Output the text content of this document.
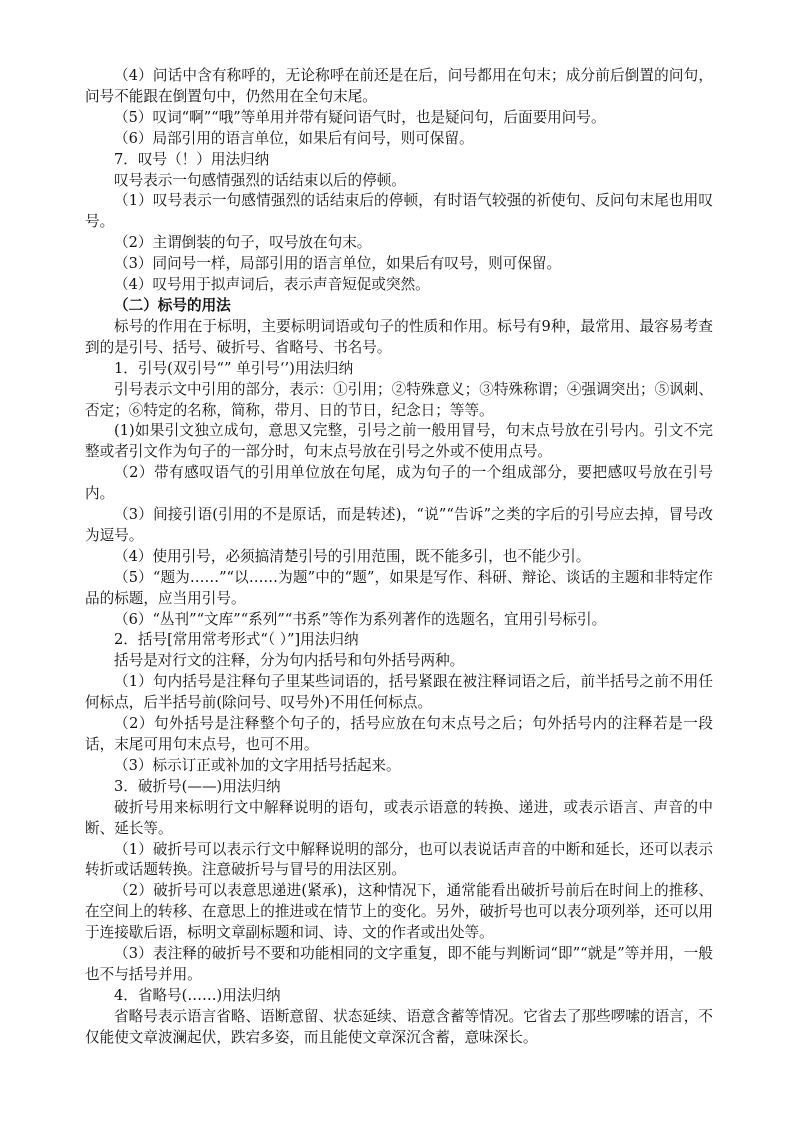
（4）问话中含有称呼的，无论称呼在前还是在后，问号都用在句末；成分前后倒置的问句，问号不能跟在倒置句中，仍然用在全句末尾。

（5）叹词“啊”“哦”等单用并带有疑问语气时，也是疑问句，后面要用问号。

（6）局部引用的语言单位，如果后有问号，则可保留。

7．叹号（！）用法归纳

叹号表示一句感情强烈的话结束以后的停顿。

（1）叹号表示一句感情强烈的话结束后的停顿，有时语气较强的祈使句、反问句末尾也用叹号。

（2）主谓倒装的句子，叹号放在句末。

（3）同问号一样，局部引用的语言单位，如果后有叹号，则可保留。

（4）叹号用于拟声词后，表示声音短促或突然。

（二）标号的用法

标号的作用在于标明，主要标明词语或句子的性质和作用。标号有9种，最常用、最容易考查到的是引号、括号、破折号、省略号、书名号。

1．引号(双引号“” 单引号‘’)用法归纳

引号表示文中引用的部分，表示：①引用；②特殊意义；③特殊称谓；④强调突出；⑤讽刺、否定；⑥特定的名称，简称，带月、日的节日，纪念日；等等。

(1)如果引文独立成句，意思又完整，引号之前一般用冒号，句末点号放在引号内。引文不完整或者引文作为句子的一部分时，句末点号放在引号之外或不使用点号。

（2）带有感叹语气的引用单位放在句尾，成为句子的一个组成部分，要把感叹号放在引号内。

（3）间接引语(引用的不是原话，而是转述)，“说”“告诉”之类的字后的引号应去掉，冒号改为逗号。

（4）使用引号，必须搞清楚引号的引用范围，既不能多引，也不能少引。

（5）“题为……”“以……为题”中的“题”，如果是写作、科研、辩论、谈话的主题和非特定作品的标题，应当用引号。

（6）“丛刊”“文库”“系列”“书系”等作为系列著作的选题名，宜用引号标引。

2．括号[常用常考形式“（ ）”]用法归纳

括号是对行文的注释，分为句内括号和句外括号两种。

（1）句内括号是注释句子里某些词语的，括号紧跟在被注释词语之后，前半括号之前不用任何标点，后半括号前(除问号、叹号外)不用任何标点。

（2）句外括号是注释整个句子的，括号应放在句末点号之后；句外括号内的注释若是一段话，末尾可用句末点号，也可不用。

（3）标示订正或补加的文字用括号括起来。

3．破折号(——)用法归纳

破折号用来标明行文中解释说明的语句，或表示语意的转换、递进，或表示语言、声音的中断、延长等。

（1）破折号可以表示行文中解释说明的部分，也可以表说话声音的中断和延长，还可以表示转折或话题转换。注意破折号与冒号的用法区别。

（2）破折号可以表意思递进(紧承)，这种情况下，通常能看出破折号前后在时间上的推移、在空间上的转移、在意思上的推进或在情节上的变化。另外，破折号也可以表分项列举，还可以用于连接歇后语，标明文章副标题和词、诗、文的作者或出处等。

（3）表注释的破折号不要和功能相同的文字重复，即不能与判断词“即”“就是”等并用，一般也不与括号并用。

4．省略号(……)用法归纳

省略号表示语言省略、语断意留、状态延续、语意含蓄等情况。它省去了那些啰嗦的语言，不仅能使文章波澜起伏，跌宕多姿，而且能使文章深沉含蓄，意味深长。
